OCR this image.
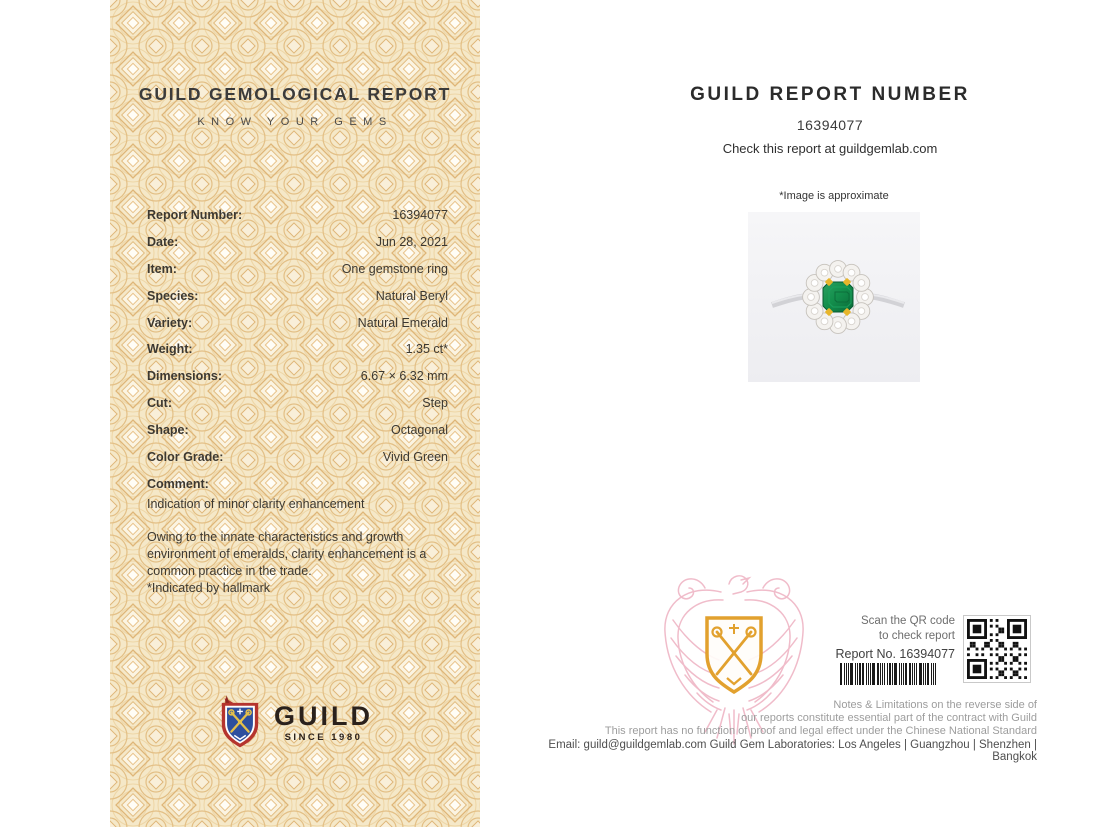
GUILD GEMOLOGICAL REPORT
KNOW YOUR GEMS
Report Number:	16394077
Date:	Jun 28, 2021
Item:	One gemstone ring
Species:	Natural Beryl
Variety:	Natural Emerald
Weight:	1.35 ct*
Dimensions:	6.67 × 6.32 mm
Cut:	Step
Shape:	Octagonal
Color Grade:	Vivid Green
Comment:
Indication of minor clarity enhancement
Owing to the innate characteristics and growth environment of emeralds, clarity enhancement is a common practice in the trade.
*Indicated by hallmark
GUILD
SINCE 1980
GUILD REPORT NUMBER
16394077
Check this report at guildgemlab.com
*Image is approximate
Scan the QR code
to check report
Report No. 16394077
Notes & Limitations on the reverse side of
our reports constitute essential part of the contract with Guild
This report has no function of proof and legal effect under the Chinese National Standard
Email: guild@guildgemlab.com Guild Gem Laboratories: Los Angeles | Guangzhou | Shenzhen | Bangkok
